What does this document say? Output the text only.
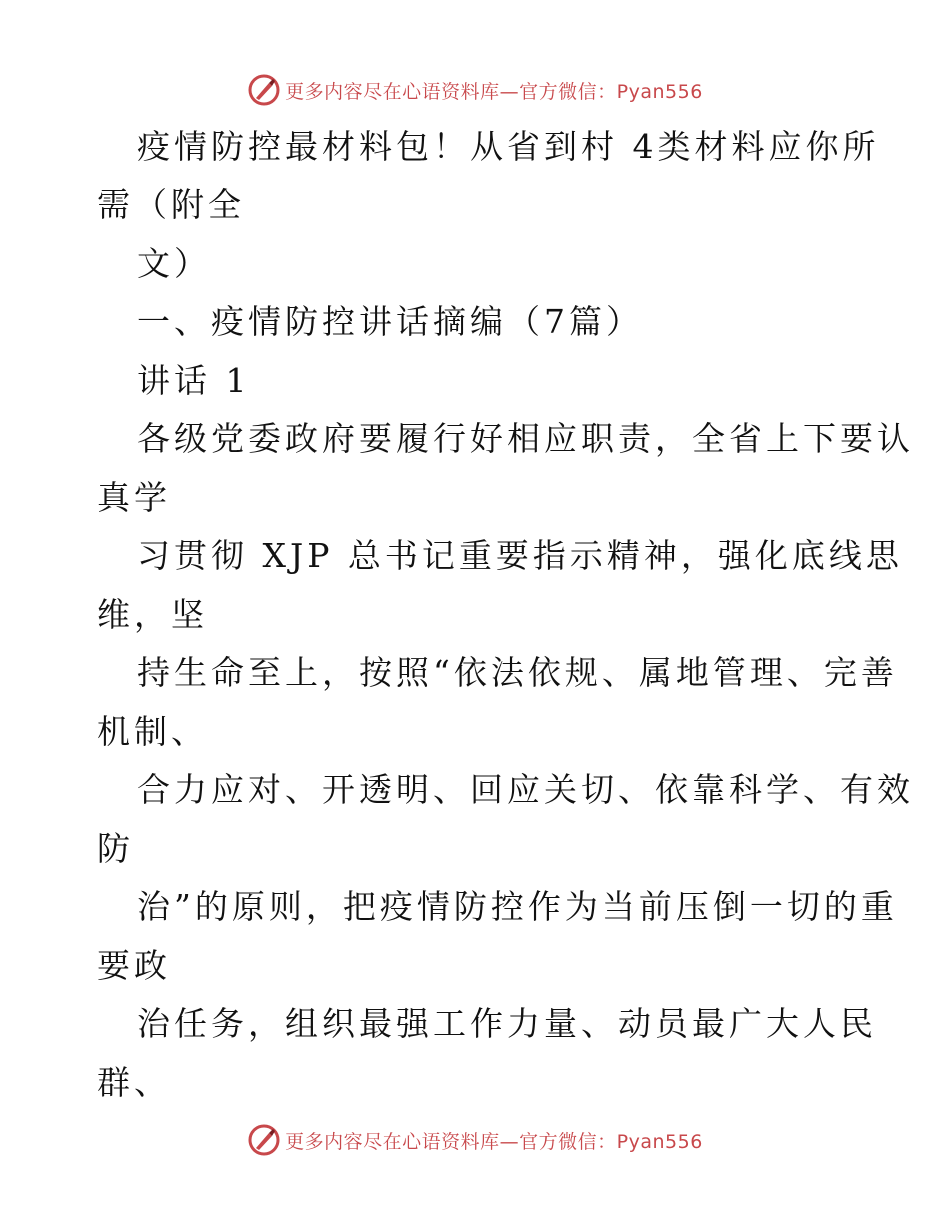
更多内容尽在心语资料库—官方微信：Pyan556
疫情防控最材料包！从省到村 4类材料应你所
需（附全
文）
一、疫情防控讲话摘编（7篇）
讲话 1
各级党委政府要履行好相应职责，全省上下要认
真学
习贯彻 XJP 总书记重要指示精神，强化底线思
维，坚
持生命至上，按照“依法依规、属地管理、完善
机制、
合力应对、开透明、回应关切、依靠科学、有效
防
治”的原则，把疫情防控作为当前压倒一切的重
要政
治任务，组织最强工作力量、动员最广大人民
群、
更多内容尽在心语资料库—官方微信：Pyan556
